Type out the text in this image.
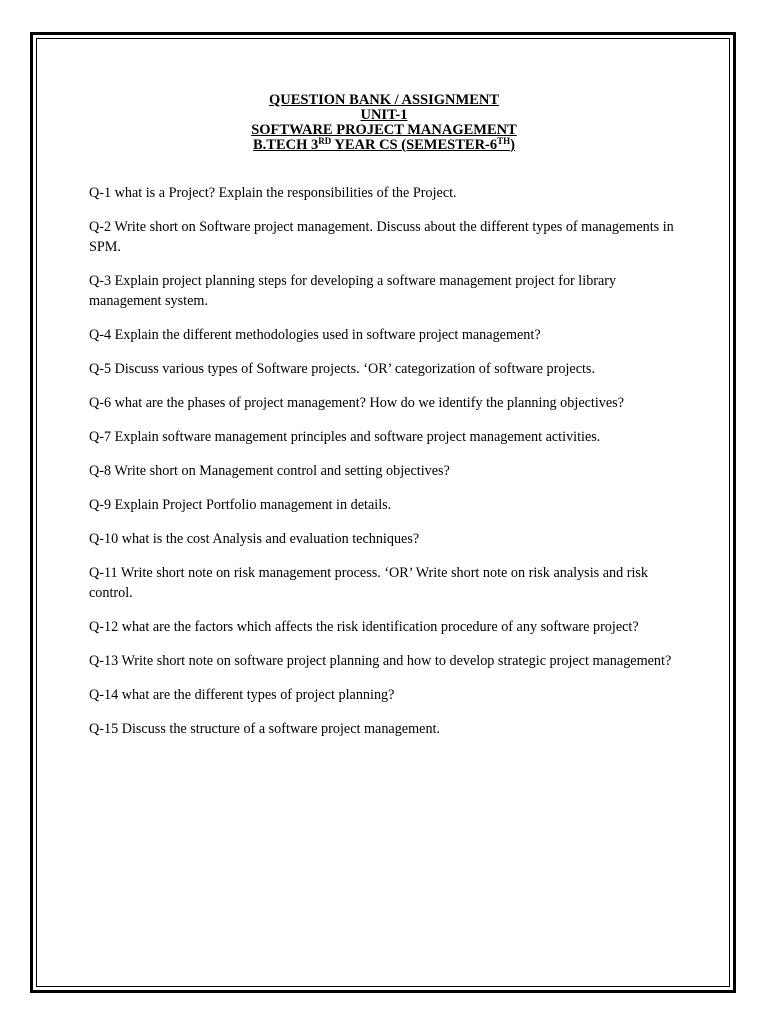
QUESTION BANK / ASSIGNMENT
UNIT-1
SOFTWARE PROJECT MANAGEMENT
B.TECH 3RD YEAR CS (SEMESTER-6TH)

Q-1 what is a Project? Explain the responsibilities of the Project.

Q-2 Write short on Software project management. Discuss about the different types of managements in SPM.

Q-3 Explain project planning steps for developing a software management project for library management system.

Q-4 Explain the different methodologies used in software project management?

Q-5 Discuss various types of Software projects. ‘OR’ categorization of software projects.

Q-6 what are the phases of project management? How do we identify the planning objectives?

Q-7 Explain software management principles and software project management activities.

Q-8 Write short on Management control and setting objectives?

Q-9 Explain Project Portfolio management in details.

Q-10 what is the cost Analysis and evaluation techniques?

Q-11 Write short note on risk management process. ‘OR’ Write short note on risk analysis and risk control.

Q-12 what are the factors which affects the risk identification procedure of any software project?

Q-13 Write short note on software project planning and how to develop strategic project management?

Q-14 what are the different types of project planning?

Q-15 Discuss the structure of a software project management.
